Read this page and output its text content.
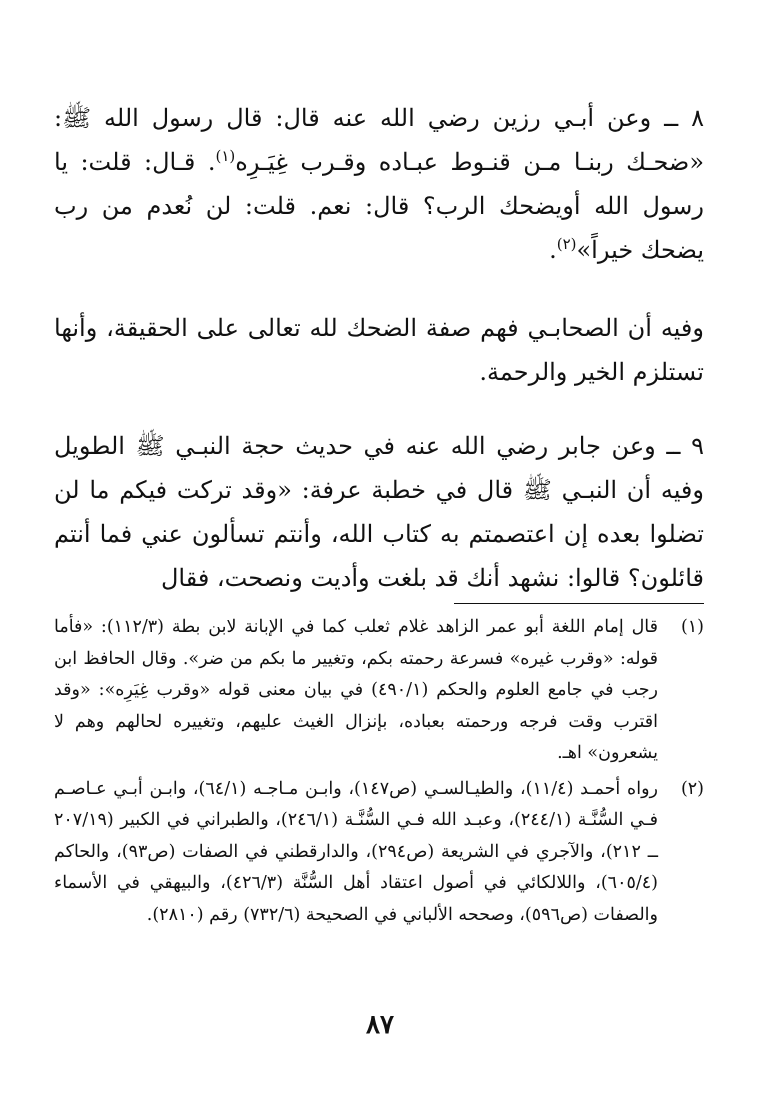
٨ ــ وعن أبـي رزين رضي الله عنه قال: قال رسول الله ﷺ: «ضحـك ربنـا مـن قنـوط عبـاده وقـرب غِيَـرِه$^{(١)}$. قـال: قلت: يا رسول الله أويضحك الرب؟ قال: نعم. قلت: لن نُعدم من رب يضحك خيراً»$^{(٢)}$.

وفيه أن الصحابـي فهم صفة الضحك لله تعالى على الحقيقة، وأنها تستلزم الخير والرحمة.

٩ ــ وعن جابر رضي الله عنه في حديث حجة النبـي ﷺ الطويل وفيه أن النبـي ﷺ قال في خطبة عرفة: «وقد تركت فيكم ما لن تضلوا بعده إن اعتصمتم به كتاب الله، وأنتم تسألون عني فما أنتم قائلون؟ قالوا: نشهد أنك قد بلغت وأديت ونصحت، فقال

(١)
قال إمام اللغة أبو عمر الزاهد غلام ثعلب كما في الإبانة لابن بطة (١١٢/٣): «فأما قوله: «وقرب غيره» فسرعة رحمته بكم، وتغيير ما بكم من ضر». وقال الحافظ ابن رجب في جامع العلوم والحكم (٤٩٠/١) في بيان معنى قوله «وقرب غِيَرِه»: «وقد اقترب وقت فرجه ورحمته بعباده، بإنزال الغيث عليهم، وتغييره لحالهم وهم لا يشعرون» اهـ.
(٢)
رواه أحمـد (١١/٤)، والطيـالسـي (ص١٤٧)، وابـن مـاجـه (٦٤/١)، وابـن أبـي عـاصـم فـي السُّنَّـة (٢٤٤/١)، وعبـد الله فـي السُّنَّـة (٢٤٦/١)، والطبراني في الكبير (٢٠٧/١٩ ــ ٢١٢)، والآجري في الشريعة (ص٢٩٤)، والدارقطني في الصفات (ص٩٣)، والحاكم (٦٠٥/٤)، واللالكائي في أصول اعتقاد أهل السُّنَّة (٤٢٦/٣)، والبيهقي في الأسماء والصفات (ص٥٩٦)، وصححه الألباني في الصحيحة (٧٣٢/٦) رقم (٢٨١٠).
٨٧
